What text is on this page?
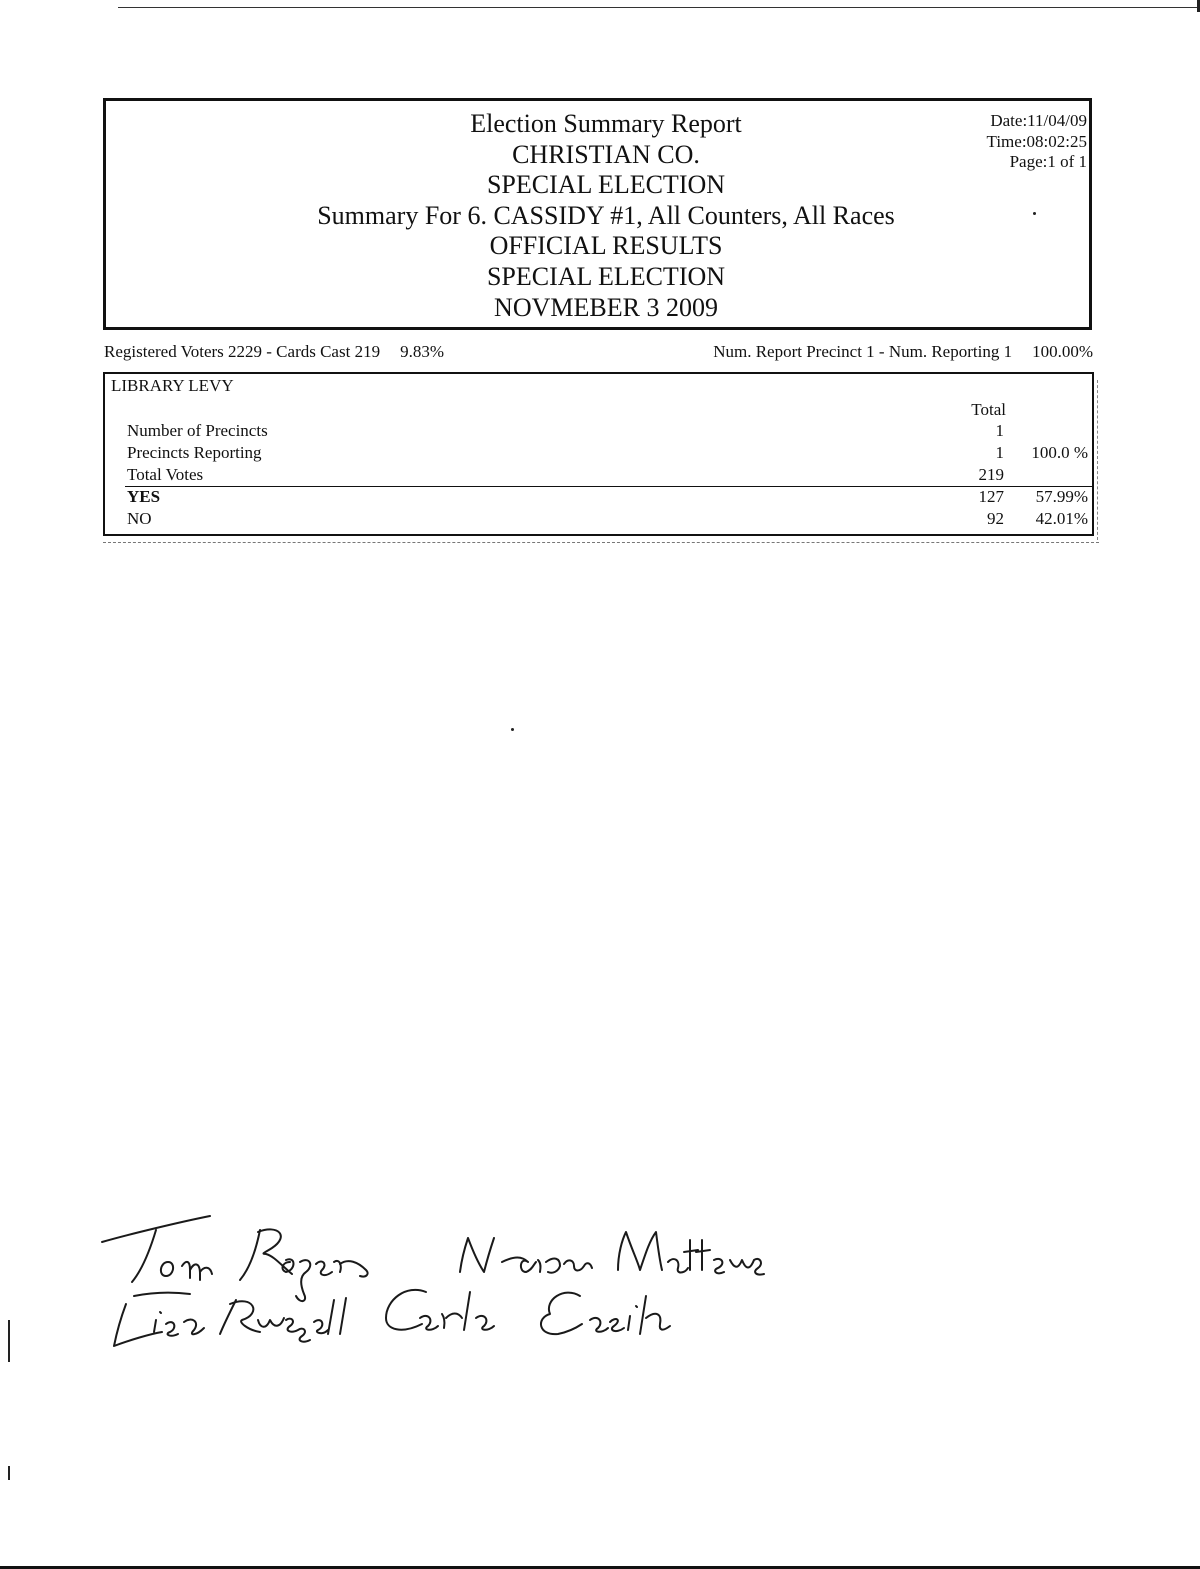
Election Summary Report
CHRISTIAN CO.
SPECIAL ELECTION
Summary For 6. CASSIDY #1, All Counters, All Races
OFFICIAL RESULTS
SPECIAL ELECTION
NOVMEBER 3 2009
Date:11/04/09
Time:08:02:25
Page:1 of 1
Registered Voters 2229 - Cards Cast 219 9.83%	Num. Report Precinct 1 - Num. Reporting 1 100.00%
LIBRARY LEVY
Total
Number of Precincts	1
Precincts Reporting	1 100.0 %
Total Votes	219
YES	127 57.99%
NO	92 42.01%
